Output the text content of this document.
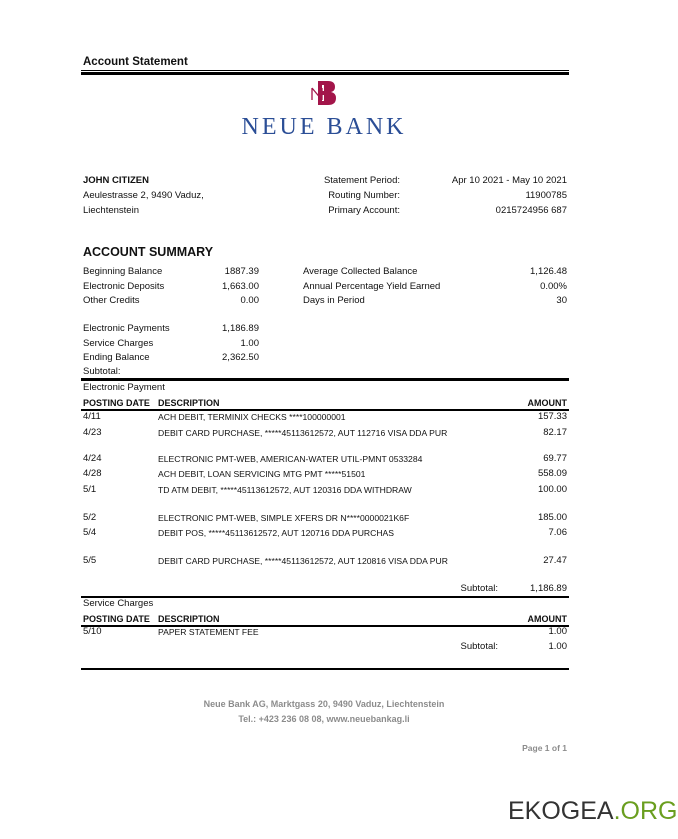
Account Statement
NEUE BANK
JOHN CITIZEN
Aeulestrasse 2, 9490 Vaduz,
Liechtenstein
Statement Period:	Apr 10 2021 - May 10 2021
Routing Number:	11900785
Primary Account:	0215724956 687
ACCOUNT SUMMARY
Beginning Balance	1887.39
Electronic Deposits	1,663.00
Other Credits	0.00
Electronic Payments	1,186.89
Service Charges	1.00
Ending Balance	2,362.50
Subtotal:
Average Collected Balance	1,126.48
Annual Percentage Yield Earned	0.00%
Days in Period	30
Electronic Payment
POSTING DATE DESCRIPTION	AMOUNT
4/11	ACH DEBIT, TERMINIX CHECKS ****100000001	157.33
4/23	DEBIT CARD PURCHASE, *****45113612572, AUT 112716 VISA DDA PUR	82.17
4/24	ELECTRONIC PMT-WEB, AMERICAN-WATER UTIL-PMNT 0533284	69.77
4/28	ACH DEBIT, LOAN SERVICING MTG PMT *****51501	558.09
5/1	TD ATM DEBIT, *****45113612572, AUT 120316 DDA WITHDRAW	100.00
5/2	ELECTRONIC PMT-WEB, SIMPLE XFERS DR N****0000021K6F	185.00
5/4	DEBIT POS, *****45113612572, AUT 120716 DDA PURCHAS	7.06
5/5	DEBIT CARD PURCHASE, *****45113612572, AUT 120816 VISA DDA PUR	27.47
Subtotal:	1,186.89
Service Charges
POSTING DATE DESCRIPTION	AMOUNT
5/10	PAPER STATEMENT FEE	1.00
Subtotal:	1.00
Neue Bank AG, Marktgass 20, 9490 Vaduz, Liechtenstein
Tel.: +423 236 08 08, www.neuebankag.li
Page 1 of 1
EKOGEA.ORG
